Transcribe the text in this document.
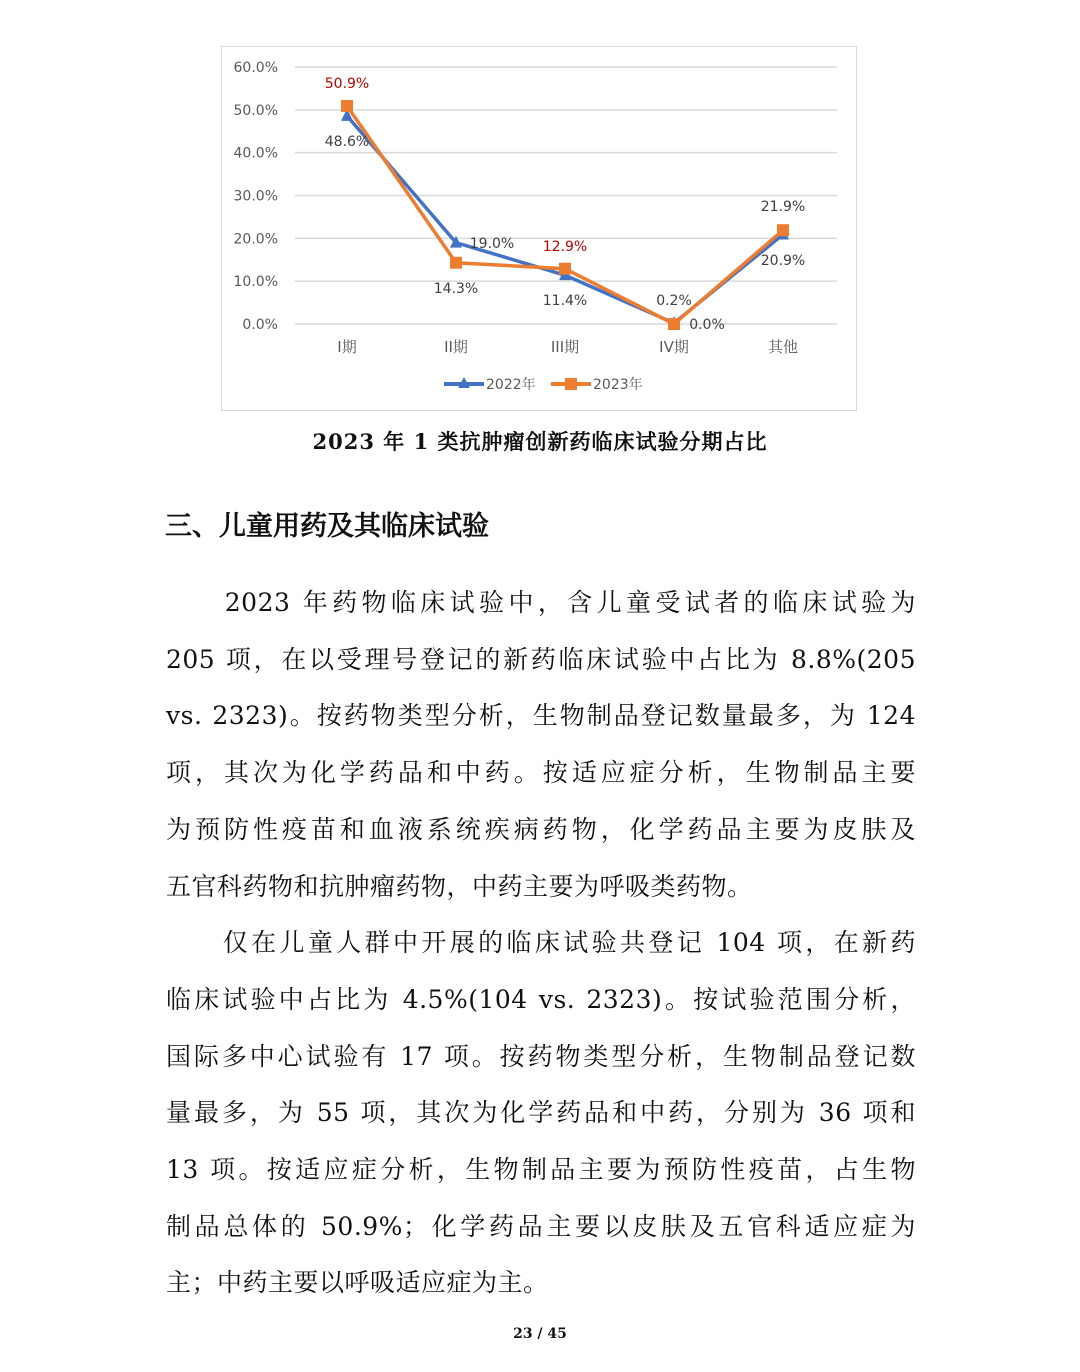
0.0%
10.0%
20.0%
30.0%
40.0%
50.0%
60.0%
I期	II期	III期	IV期	其他
48.6%
19.0%
11.4%	0.2%
20.9%
50.9%
14.3%
12.9%
0.0%
21.9%
2022年	2023年
2023 年 1 类抗肿瘤创新药临床试验分期占比
三、儿童用药及其临床试验
　　2023 年药物临床试验中，含儿童受试者的临床试验为
205 项，在以受理号登记的新药临床试验中占比为 8.8%(205
vs. 2323)。按药物类型分析，生物制品登记数量最多，为 124
项，其次为化学药品和中药。按适应症分析，生物制品主要
为预防性疫苗和血液系统疾病药物，化学药品主要为皮肤及
五官科药物和抗肿瘤药物，中药主要为呼吸类药物。
　　仅在儿童人群中开展的临床试验共登记 104 项，在新药
临床试验中占比为 4.5%(104 vs. 2323)。按试验范围分析，
国际多中心试验有 17 项。按药物类型分析，生物制品登记数
量最多，为 55 项，其次为化学药品和中药，分别为 36 项和
13 项。按适应症分析，生物制品主要为预防性疫苗，占生物
制品总体的 50.9%；化学药品主要以皮肤及五官科适应症为
主；中药主要以呼吸适应症为主。
23 / 45
